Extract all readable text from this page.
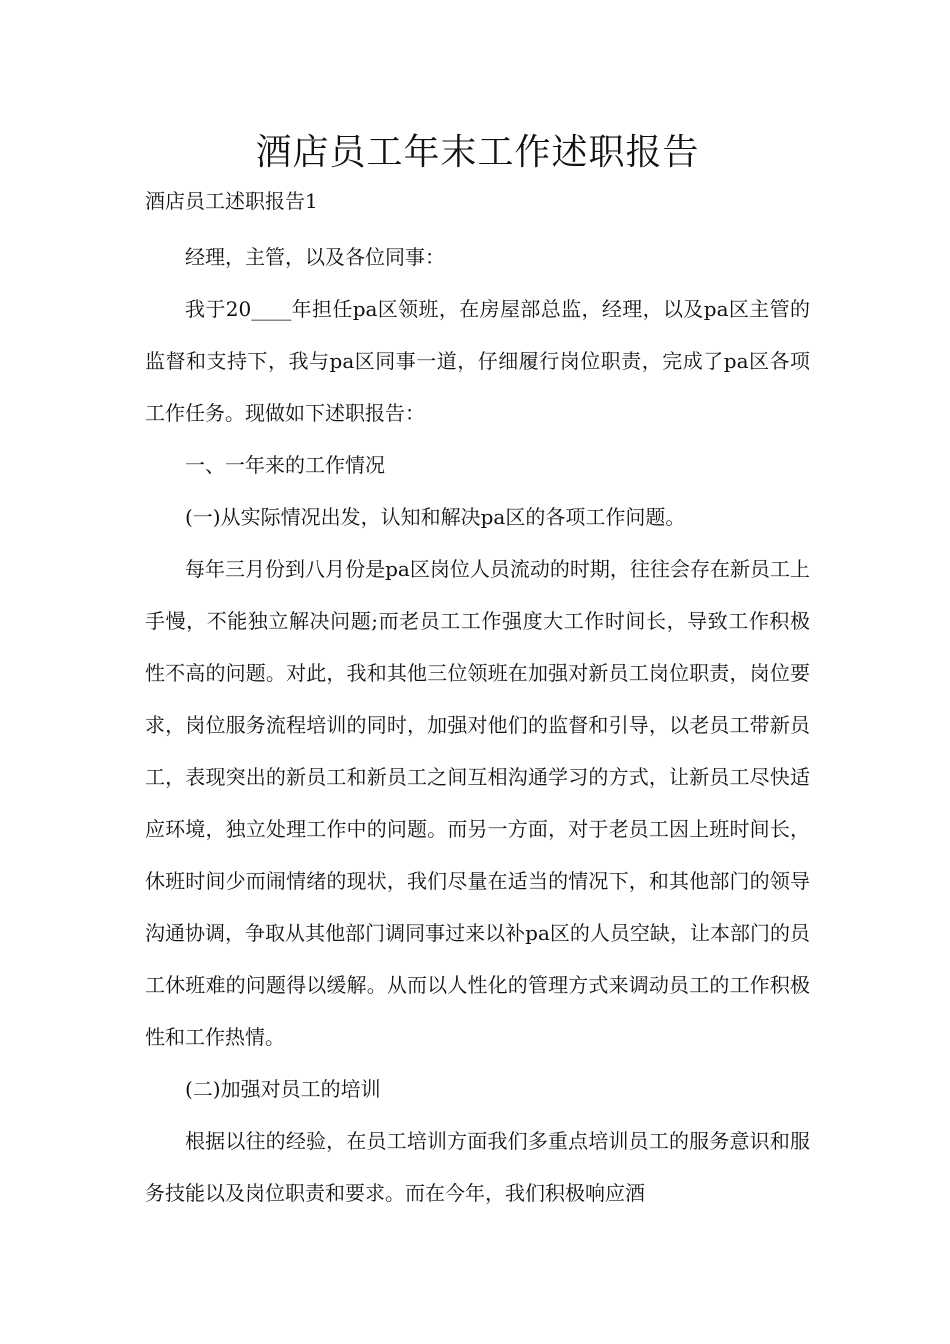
酒店员工年末工作述职报告

酒店员工述职报告1

经理，主管，以及各位同事：

我于20____年担任pa区领班，在房屋部总监，经理，以及pa区主管的监督和支持下，我与pa区同事一道，仔细履行岗位职责，完成了pa区各项工作任务。现做如下述职报告：

一、一年来的工作情况

(一)从实际情况出发，认知和解决pa区的各项工作问题。

每年三月份到八月份是pa区岗位人员流动的时期，往往会存在新员工上手慢，不能独立解决问题;而老员工工作强度大工作时间长，导致工作积极性不高的问题。对此，我和其他三位领班在加强对新员工岗位职责，岗位要求，岗位服务流程培训的同时，加强对他们的监督和引导，以老员工带新员工，表现突出的新员工和新员工之间互相沟通学习的方式，让新员工尽快适应环境，独立处理工作中的问题。而另一方面，对于老员工因上班时间长，休班时间少而闹情绪的现状，我们尽量在适当的情况下，和其他部门的领导沟通协调，争取从其他部门调同事过来以补pa区的人员空缺，让本部门的员工休班难的问题得以缓解。从而以人性化的管理方式来调动员工的工作积极性和工作热情。

(二)加强对员工的培训

根据以往的经验，在员工培训方面我们多重点培训员工的服务意识和服务技能以及岗位职责和要求。而在今年，我们积极响应酒
